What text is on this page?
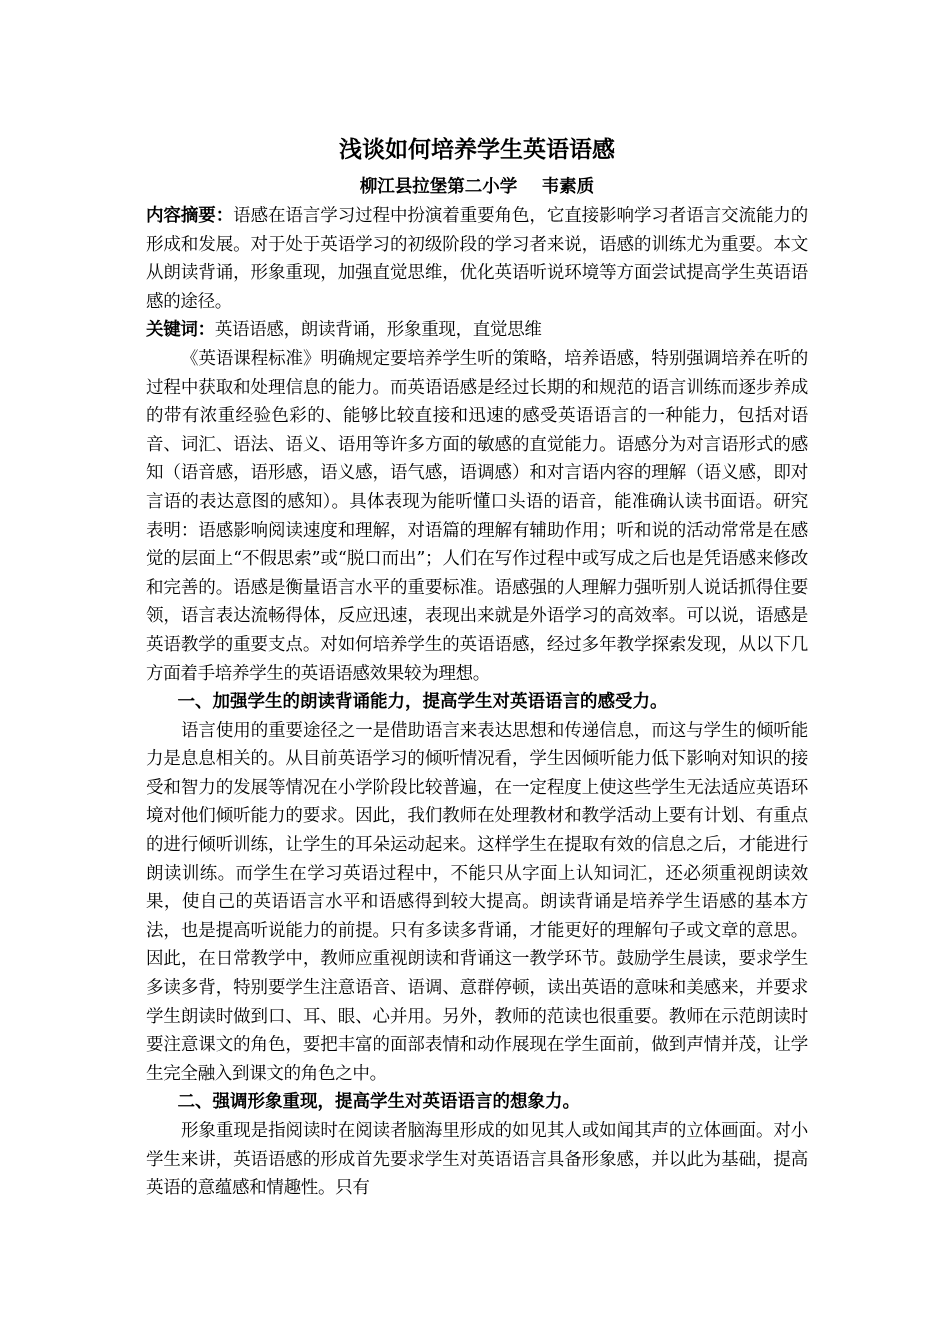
浅谈如何培养学生英语语感
柳江县拉堡第二小学    韦素质

内容摘要：语感在语言学习过程中扮演着重要角色，它直接影响学习者语言交流能力的形成和发展。对于处于英语学习的初级阶段的学习者来说，语感的训练尤为重要。本文从朗读背诵，形象重现，加强直觉思维，优化英语听说环境等方面尝试提高学生英语语感的途径。

关键词：英语语感，朗读背诵，形象重现，直觉思维

《英语课程标准》明确规定要培养学生听的策略，培养语感，特别强调培养在听的过程中获取和处理信息的能力。而英语语感是经过长期的和规范的语言训练而逐步养成的带有浓重经验色彩的、能够比较直接和迅速的感受英语语言的一种能力，包括对语音、词汇、语法、语义、语用等许多方面的敏感的直觉能力。语感分为对言语形式的感知（语音感，语形感，语义感，语气感，语调感）和对言语内容的理解（语义感，即对言语的表达意图的感知）。具体表现为能听懂口头语的语音，能准确认读书面语。研究表明：语感影响阅读速度和理解，对语篇的理解有辅助作用；听和说的活动常常是在感觉的层面上“不假思索”或“脱口而出”；人们在写作过程中或写成之后也是凭语感来修改和完善的。语感是衡量语言水平的重要标准。语感强的人理解力强听别人说话抓得住要领，语言表达流畅得体，反应迅速，表现出来就是外语学习的高效率。可以说，语感是英语教学的重要支点。对如何培养学生的英语语感，经过多年教学探索发现，从以下几方面着手培养学生的英语语感效果较为理想。

一、加强学生的朗读背诵能力，提高学生对英语语言的感受力。

语言使用的重要途径之一是借助语言来表达思想和传递信息，而这与学生的倾听能力是息息相关的。从目前英语学习的倾听情况看，学生因倾听能力低下影响对知识的接受和智力的发展等情况在小学阶段比较普遍，在一定程度上使这些学生无法适应英语环境对他们倾听能力的要求。因此，我们教师在处理教材和教学活动上要有计划、有重点的进行倾听训练，让学生的耳朵运动起来。这样学生在提取有效的信息之后，才能进行朗读训练。而学生在学习英语过程中，不能只从字面上认知词汇，还必须重视朗读效果，使自己的英语语言水平和语感得到较大提高。朗读背诵是培养学生语感的基本方法，也是提高听说能力的前提。只有多读多背诵，才能更好的理解句子或文章的意思。因此，在日常教学中，教师应重视朗读和背诵这一教学环节。鼓励学生晨读，要求学生多读多背，特别要学生注意语音、语调、意群停顿，读出英语的意味和美感来，并要求学生朗读时做到口、耳、眼、心并用。另外，教师的范读也很重要。教师在示范朗读时要注意课文的角色，要把丰富的面部表情和动作展现在学生面前，做到声情并茂，让学生完全融入到课文的角色之中。

二、强调形象重现，提高学生对英语语言的想象力。

形象重现是指阅读时在阅读者脑海里形成的如见其人或如闻其声的立体画面。对小学生来讲，英语语感的形成首先要求学生对英语语言具备形象感，并以此为基础，提高英语的意蕴感和情趣性。只有
